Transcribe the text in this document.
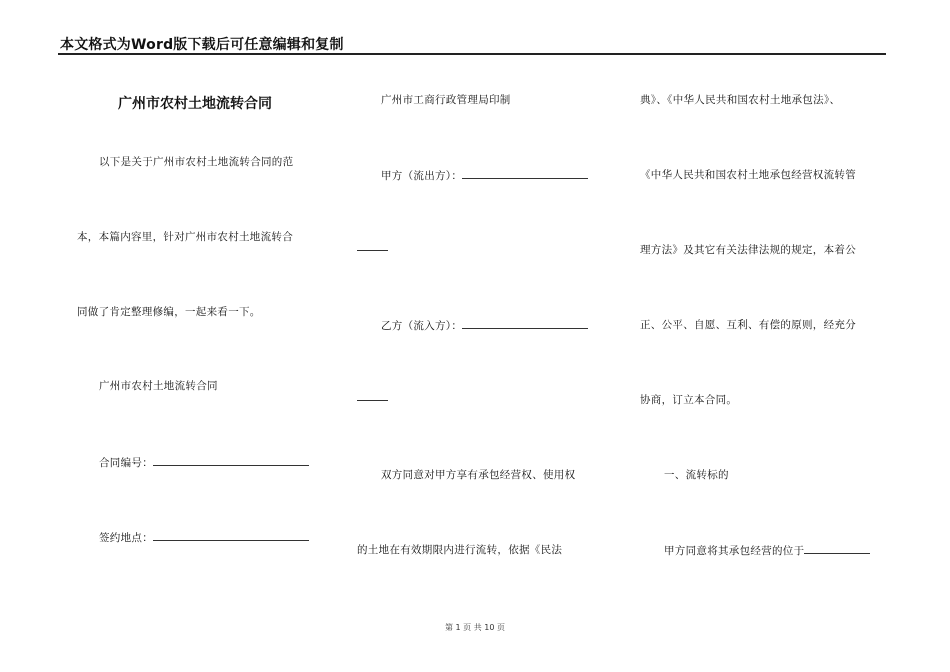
本文格式为Word版下载后可任意编辑和复制
广州市农村土地流转合同
以下是关于广州市农村土地流转合同的范
本，本篇内容里，针对广州市农村土地流转合
同做了肯定整理修编，一起来看一下。
广州市农村土地流转合同
合同编号：
签约地点：
广州市工商行政管理局印制
甲方（流出方）：
乙方（流入方）：
双方同意对甲方享有承包经营权、使用权
的土地在有效期限内进行流转，依据《民法
典》、《中华人民共和国农村土地承包法》、
《中华人民共和国农村土地承包经营权流转管
理方法》及其它有关法律法规的规定，本着公
正、公平、自愿、互利、有偿的原则，经充分
协商，订立本合同。
一、流转标的
甲方同意将其承包经营的位于
第 1 页 共 10 页
